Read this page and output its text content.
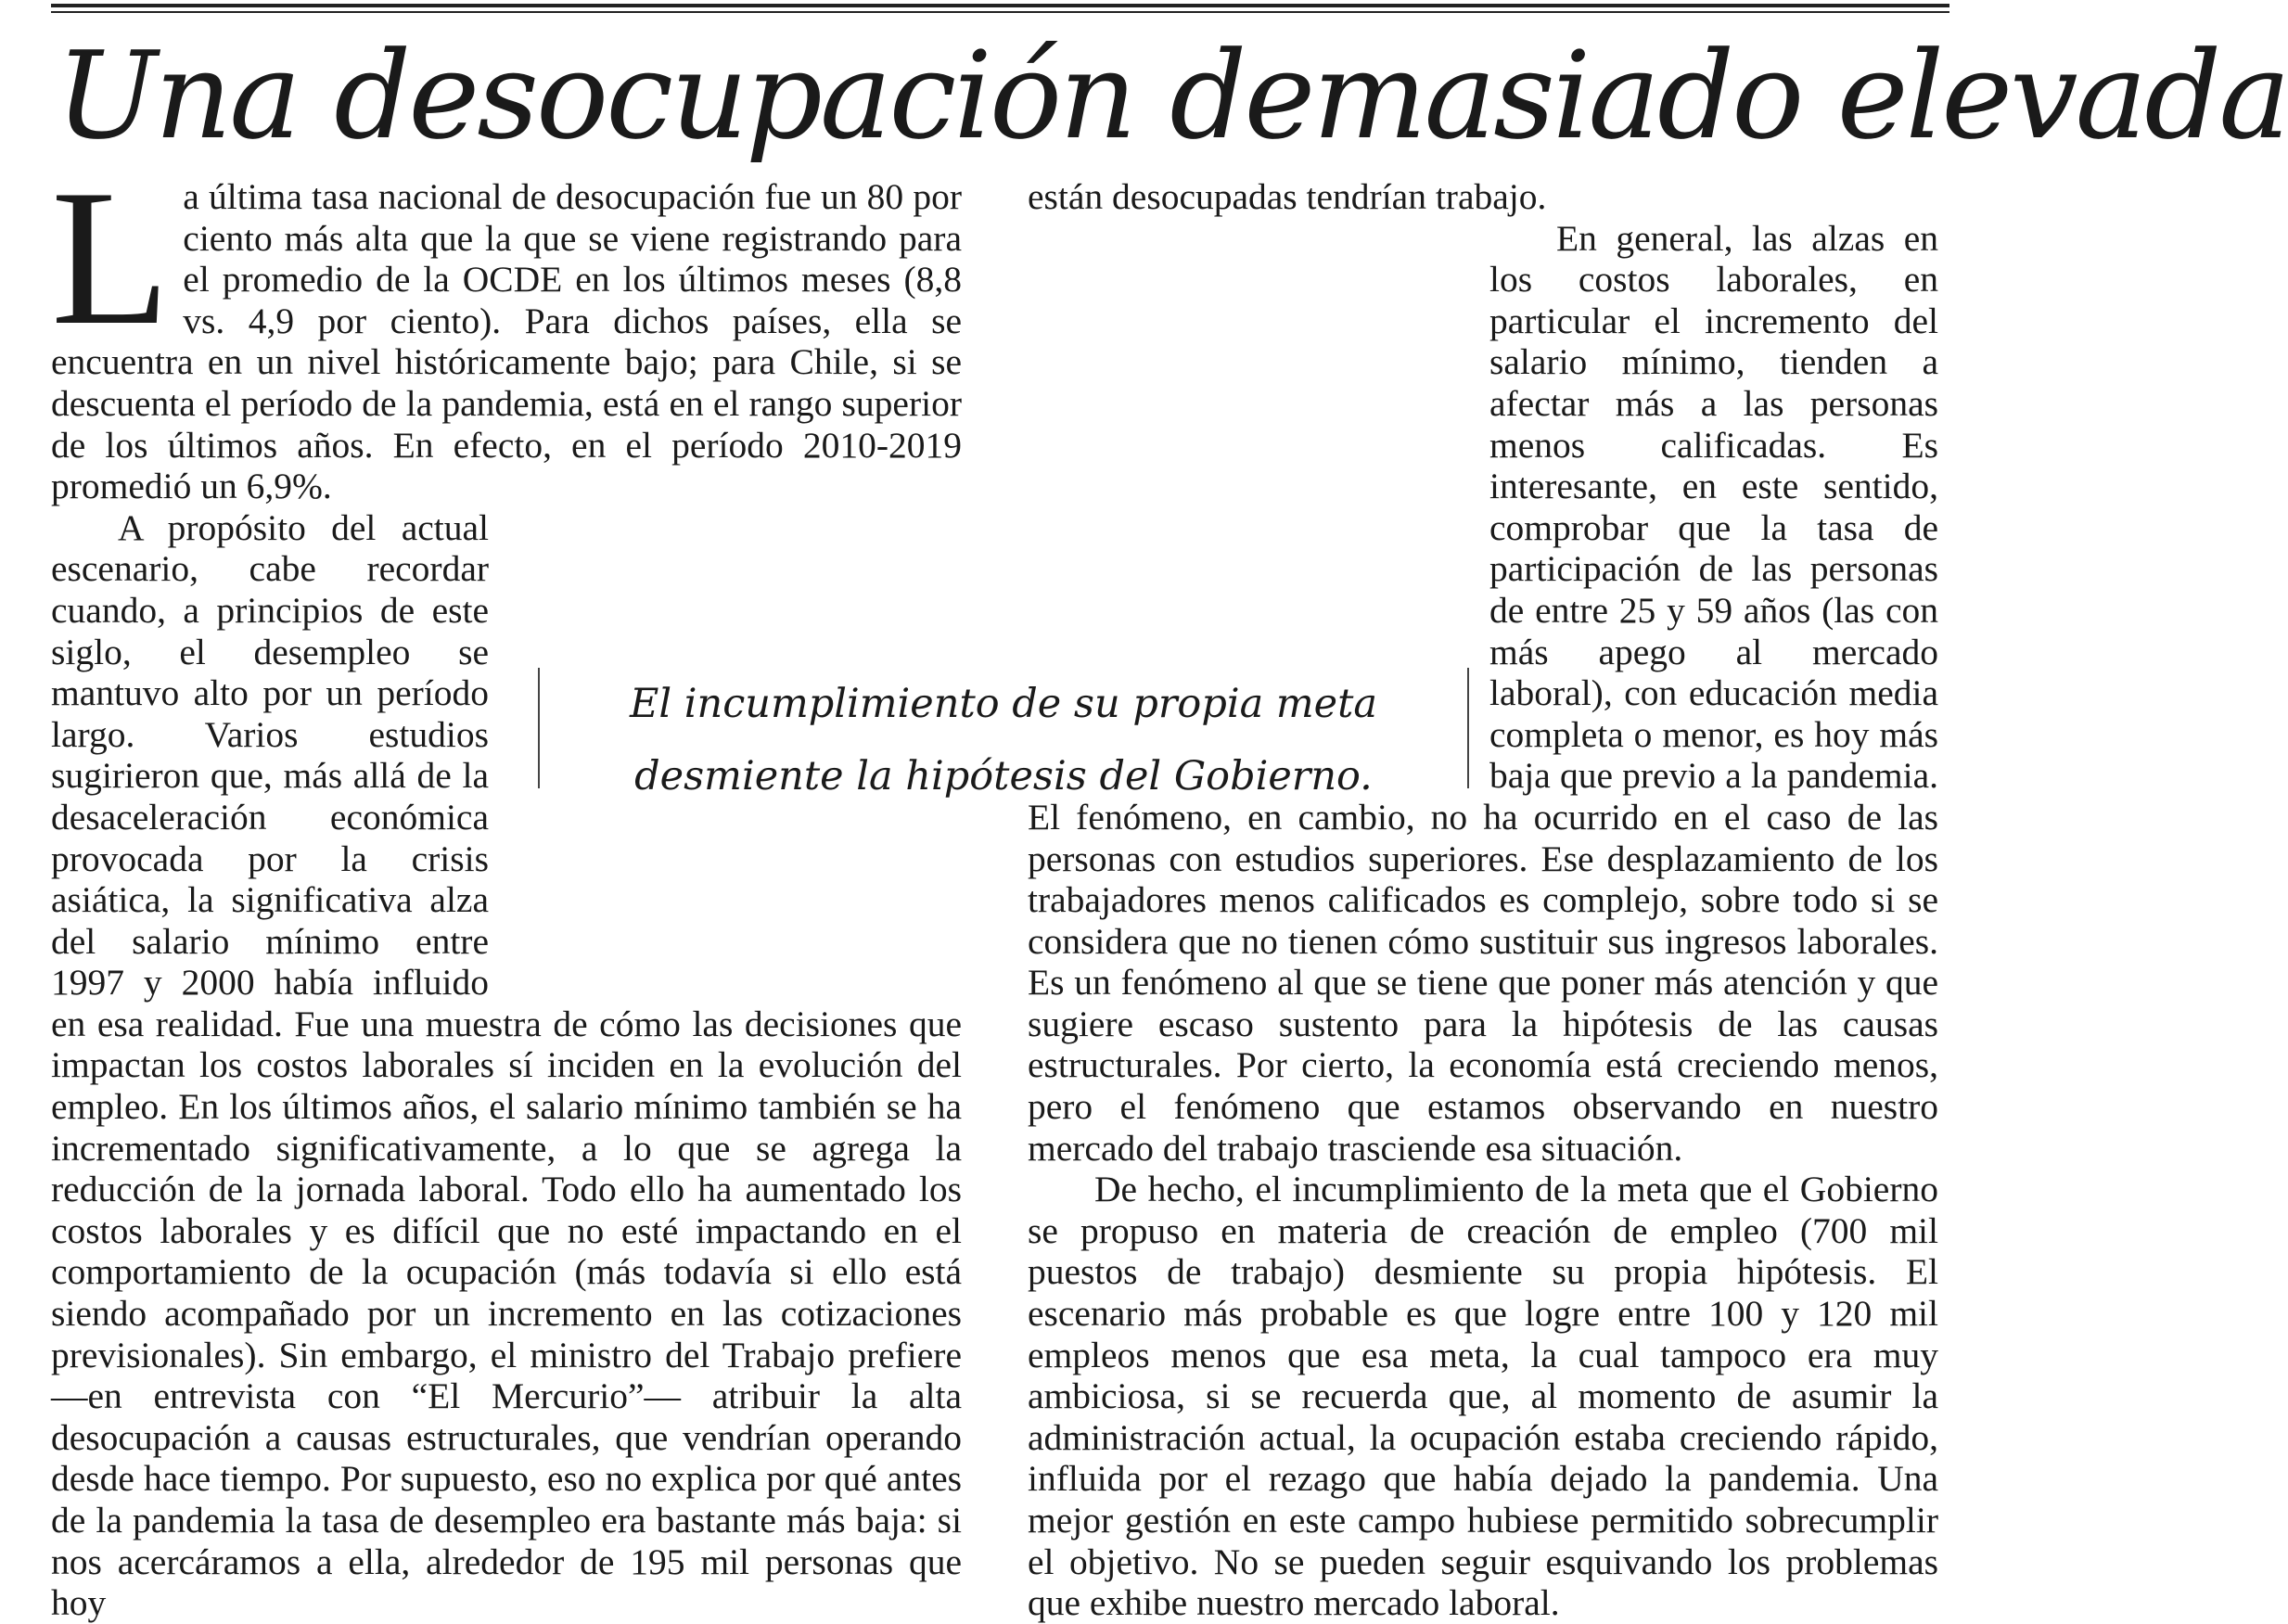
Una desocupación demasiado elevada
L a última tasa nacional de desocupación fue un 80 por ciento más alta que la que se viene registrando para el promedio de la OCDE en los últimos meses (8,8 vs. 4,9 por ciento). Para dichos países, ella se encuentra en un nivel históricamente bajo; para Chile, si se descuenta el período de la pandemia, está en el rango superior de los últimos años. En efecto, en el período 2010-2019 promedió un 6,9%.

A propósito del actual escenario, cabe recordar cuando, a principios de este siglo, el desempleo se mantuvo alto por un período largo. Varios estudios sugirieron que, más allá de la desaceleración económica provocada por la crisis asiática, la significativa alza del salario mínimo entre 1997 y 2000 había influido en esa realidad. Fue una muestra de cómo las decisiones que impactan los costos laborales sí inciden en la evolución del empleo. En los últimos años, el salario mínimo también se ha incrementado significativamente, a lo que se agrega la reducción de la jornada laboral. Todo ello ha aumentado los costos laborales y es difícil que no esté impactando en el comportamiento de la ocupación (más todavía si ello está siendo acompañado por un incremento en las cotizaciones previsionales). Sin embargo, el ministro del Trabajo prefiere —en entrevista con “El Mercurio”— atribuir la alta desocupación a causas estructurales, que vendrían operando desde hace tiempo. Por supuesto, eso no explica por qué antes de la pandemia la tasa de desempleo era bastante más baja: si nos acercáramos a ella, alrededor de 195 mil personas que hoy

están desocupadas tendrían trabajo.

En general, las alzas en los costos laborales, en particular el incremento del salario mínimo, tienden a afectar más a las personas menos calificadas. Es interesante, en este sentido, comprobar que la tasa de participación de las personas de entre 25 y 59 años (las con más apego al mercado laboral), con educación media completa o menor, es hoy más baja que previo a la pandemia. El fenómeno, en cambio, no ha ocurrido en el caso de las personas con estudios superiores. Ese desplazamiento de los trabajadores menos calificados es complejo, sobre todo si se considera que no tienen cómo sustituir sus ingresos laborales. Es un fenómeno al que se tiene que poner más atención y que sugiere escaso sustento para la hipótesis de las causas estructurales. Por cierto, la economía está creciendo menos, pero el fenómeno que estamos observando en nuestro mercado del trabajo trasciende esa situación.

De hecho, el incumplimiento de la meta que el Gobierno se propuso en materia de creación de empleo (700 mil puestos de trabajo) desmiente su propia hipótesis. El escenario más probable es que logre entre 100 y 120 mil empleos menos que esa meta, la cual tampoco era muy ambiciosa, si se recuerda que, al momento de asumir la administración actual, la ocupación estaba creciendo rápido, influida por el rezago que había dejado la pandemia. Una mejor gestión en este campo hubiese permitido sobrecumplir el objetivo. No se pueden seguir esquivando los problemas que exhibe nuestro mercado laboral.

El incumplimiento de su propia meta desmiente la hipótesis del Gobierno.
